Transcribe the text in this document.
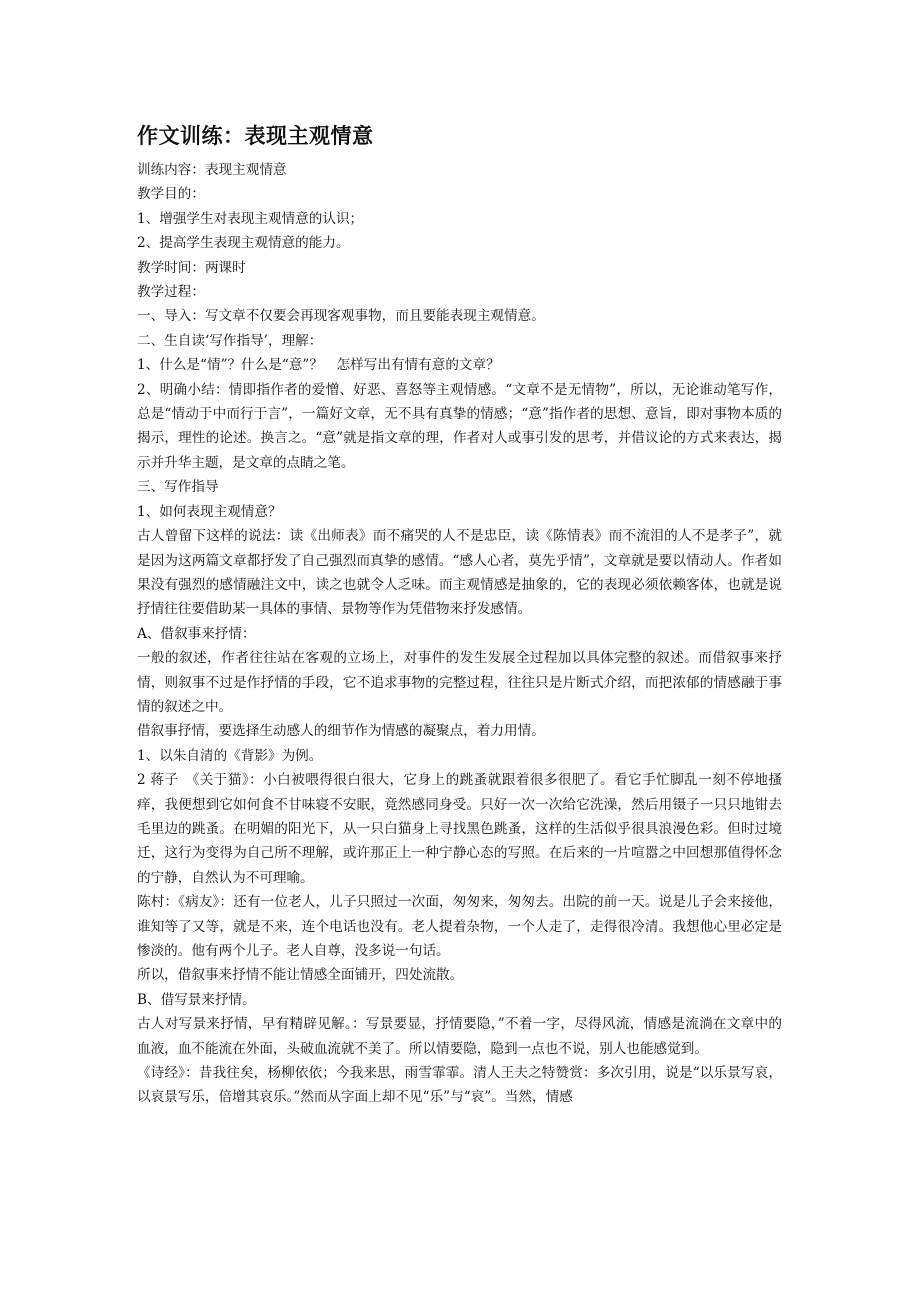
作文训练：表现主观情意

训练内容：表现主观情意

教学目的：

1、增强学生对表现主观情意的认识；

2、提高学生表现主观情意的能力。

教学时间：两课时

教学过程：

一、导入：写文章不仅要会再现客观事物，而且要能表现主观情意。

二、生自读‘写作指导’，理解：

1、什么是“情”？什么是“意”？　怎样写出有情有意的文章？

2、明确小结：情即指作者的爱憎、好恶、喜怒等主观情感。“文章不是无情物”，所以，无论谁动笔写作，总是“情动于中而行于言”，一篇好文章，无不具有真挚的情感；“意”指作者的思想、意旨，即对事物本质的揭示，理性的论述。换言之。“意”就是指文章的理，作者对人或事引发的思考，并借议论的方式来表达，揭示并升华主题，是文章的点睛之笔。

三、写作指导

1、如何表现主观情意？

古人曾留下这样的说法：读《出师表》而不痛哭的人不是忠臣，读《陈情表》而不流泪的人不是孝子”，就是因为这两篇文章都抒发了自己强烈而真挚的感情。“感人心者，莫先乎情”，文章就是要以情动人。作者如果没有强烈的感情融注文中，读之也就令人乏味。而主观情感是抽象的，它的表现必须依赖客体，也就是说抒情往往要借助某一具体的事情、景物等作为凭借物来抒发感情。

A、借叙事来抒情：

一般的叙述，作者往往站在客观的立场上，对事件的发生发展全过程加以具体完整的叙述。而借叙事来抒情，则叙事不过是作抒情的手段，它不追求事物的完整过程，往往只是片断式介绍，而把浓郁的情感融于事情的叙述之中。

借叙事抒情，要选择生动感人的细节作为情感的凝聚点，着力用情。

1、以朱自清的《背影》为例。

2 蒋子　《关于猫》：小白被喂得很白很大，它身上的跳蚤就跟着很多很肥了。看它手忙脚乱一刻不停地搔痒，我便想到它如何食不甘味寝不安眠，竟然感同身受。只好一次一次给它洗澡，然后用镊子一只只地钳去毛里边的跳蚤。在明媚的阳光下，从一只白猫身上寻找黑色跳蚤，这样的生活似乎很具浪漫色彩。但时过境迁，这行为变得为自己所不理解，或许那正上一种宁静心态的写照。在后来的一片喧嚣之中回想那值得怀念的宁静，自然认为不可理喻。

陈村：《病友》：还有一位老人，儿子只照过一次面，匆匆来，匆匆去。出院的前一天。说是儿子会来接他，谁知等了又等，就是不来，连个电话也没有。老人提着杂物，一个人走了，走得很冷清。我想他心里必定是惨淡的。他有两个儿子。老人自尊，没多说一句话。

所以，借叙事来抒情不能让情感全面铺开，四处流散。

B、借写景来抒情。

古人对写景来抒情，早有精辟见解。：写景要显，抒情要隐，”不着一字，尽得风流，情感是流淌在文章中的血液，血不能流在外面，头破血流就不美了。所以情要隐，隐到一点也不说，别人也能感觉到。

《诗经》：昔我往矣，杨柳依依；今我来思，雨雪霏霏。清人王夫之特赞赏：多次引用，说是“以乐景写哀，以哀景写乐，倍增其哀乐。”然而从字面上却不见“乐”与“哀”。当然，情感
